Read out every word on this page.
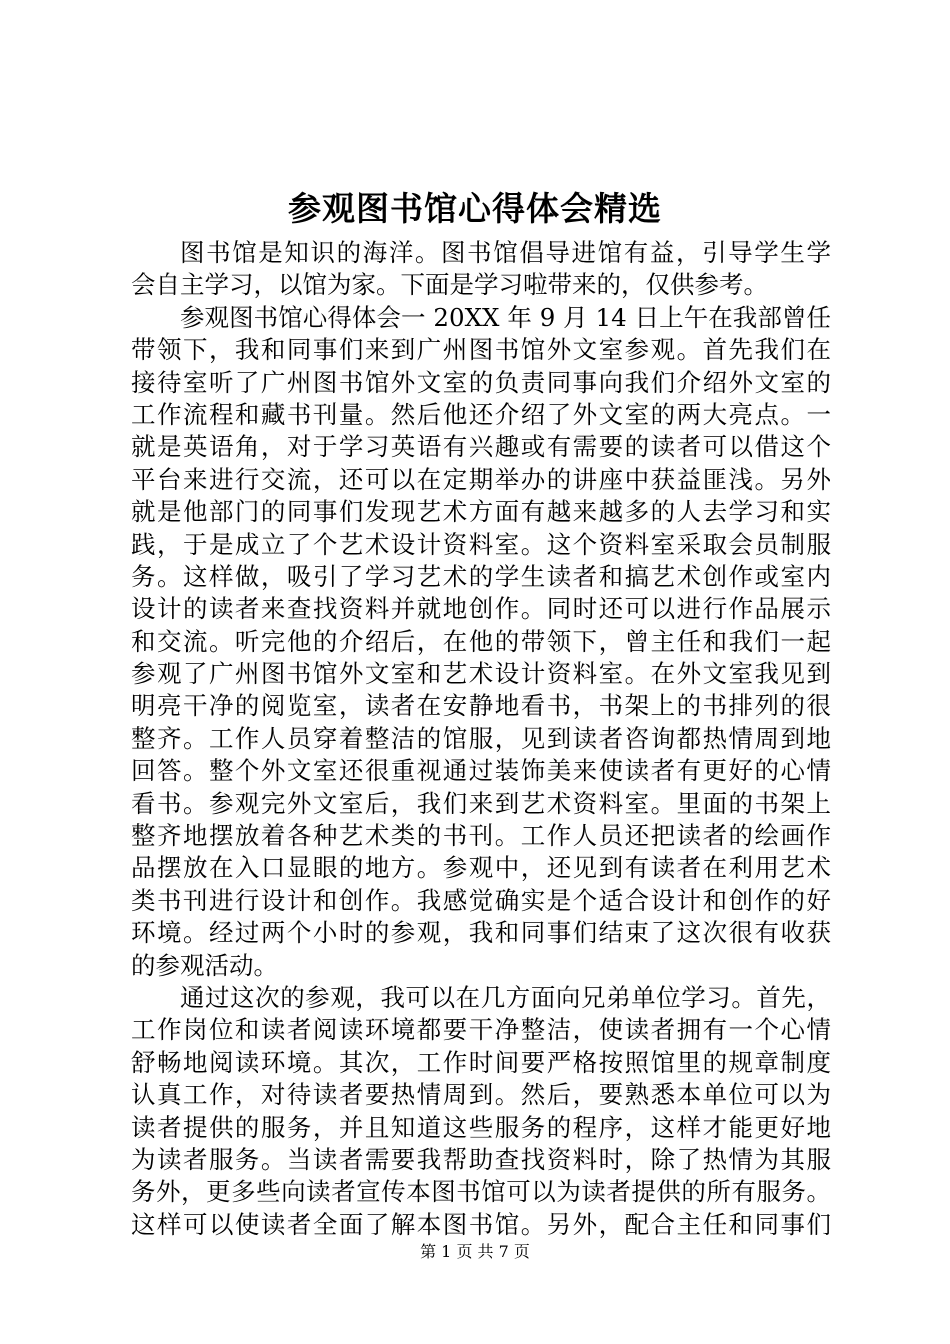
参观图书馆心得体会精选
图书馆是知识的海洋。图书馆倡导进馆有益，引导学生学
会自主学习，以馆为家。下面是学习啦带来的，仅供参考。
参观图书馆心得体会一 20XX 年 9 月 14 日上午在我部曾任
带领下，我和同事们来到广州图书馆外文室参观。首先我们在
接待室听了广州图书馆外文室的负责同事向我们介绍外文室的
工作流程和藏书刊量。然后他还介绍了外文室的两大亮点。一
就是英语角，对于学习英语有兴趣或有需要的读者可以借这个
平台来进行交流，还可以在定期举办的讲座中获益匪浅。另外
就是他部门的同事们发现艺术方面有越来越多的人去学习和实
践，于是成立了个艺术设计资料室。这个资料室采取会员制服
务。这样做，吸引了学习艺术的学生读者和搞艺术创作或室内
设计的读者来查找资料并就地创作。同时还可以进行作品展示
和交流。听完他的介绍后，在他的带领下，曾主任和我们一起
参观了广州图书馆外文室和艺术设计资料室。在外文室我见到
明亮干净的阅览室，读者在安静地看书，书架上的书排列的很
整齐。工作人员穿着整洁的馆服，见到读者咨询都热情周到地
回答。整个外文室还很重视通过装饰美来使读者有更好的心情
看书。参观完外文室后，我们来到艺术资料室。里面的书架上
整齐地摆放着各种艺术类的书刊。工作人员还把读者的绘画作
品摆放在入口显眼的地方。参观中，还见到有读者在利用艺术
类书刊进行设计和创作。我感觉确实是个适合设计和创作的好
环境。经过两个小时的参观，我和同事们结束了这次很有收获
的参观活动。
通过这次的参观，我可以在几方面向兄弟单位学习。首先，
工作岗位和读者阅读环境都要干净整洁，使读者拥有一个心情
舒畅地阅读环境。其次，工作时间要严格按照馆里的规章制度
认真工作，对待读者要热情周到。然后，要熟悉本单位可以为
读者提供的服务，并且知道这些服务的程序，这样才能更好地
为读者服务。当读者需要我帮助查找资料时，除了热情为其服
务外，更多些向读者宣传本图书馆可以为读者提供的所有服务。
这样可以使读者全面了解本图书馆。另外，配合主任和同事们
第 1 页 共 7 页
